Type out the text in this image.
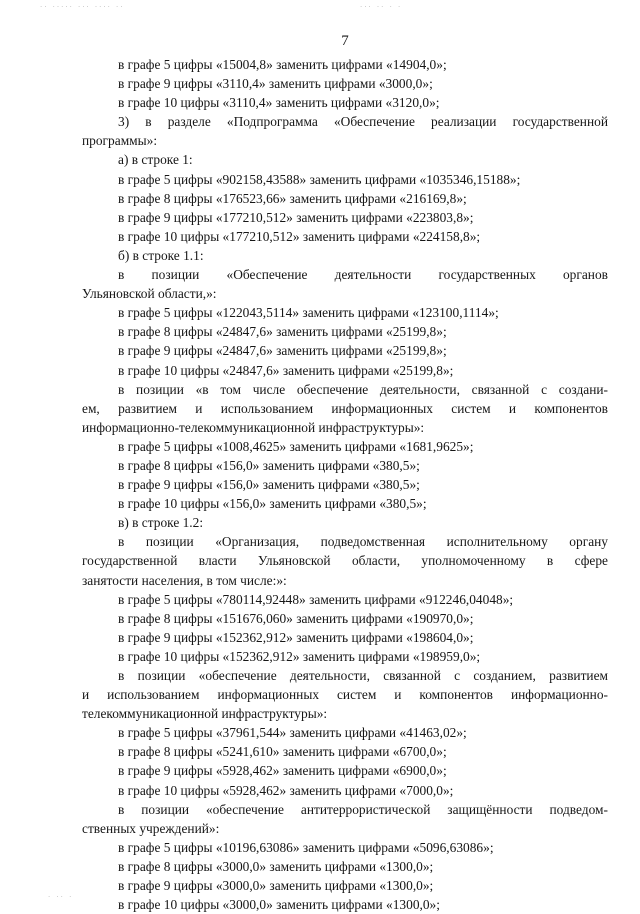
·· ····· ··· ···· ··	··· ·· · ·
· ·· ·
7
в графе 5 цифры «15004,8» заменить цифрами «14904,0»;
в графе 9 цифры «3110,4» заменить цифрами «3000,0»;
в графе 10 цифры «3110,4» заменить цифрами «3120,0»;
3) в разделе «Подпрограмма «Обеспечение реализации государственной
программы»:
а) в строке 1:
в графе 5 цифры «902158,43588» заменить цифрами «1035346,15188»;
в графе 8 цифры «176523,66» заменить цифрами «216169,8»;
в графе 9 цифры «177210,512» заменить цифрами «223803,8»;
в графе 10 цифры «177210,512» заменить цифрами «224158,8»;
б) в строке 1.1:
в позиции «Обеспечение деятельности государственных органов
Ульяновской области,»:
в графе 5 цифры «122043,5114» заменить цифрами «123100,1114»;
в графе 8 цифры «24847,6» заменить цифрами «25199,8»;
в графе 9 цифры «24847,6» заменить цифрами «25199,8»;
в графе 10 цифры «24847,6» заменить цифрами «25199,8»;
в позиции «в том числе обеспечение деятельности, связанной с создани-
ем, развитием и использованием информационных систем и компонентов
информационно-телекоммуникационной инфраструктуры»:
в графе 5 цифры «1008,4625» заменить цифрами «1681,9625»;
в графе 8 цифры «156,0» заменить цифрами «380,5»;
в графе 9 цифры «156,0» заменить цифрами «380,5»;
в графе 10 цифры «156,0» заменить цифрами «380,5»;
в) в строке 1.2:
в позиции «Организация, подведомственная исполнительному органу
государственной власти Ульяновской области, уполномоченному в сфере
занятости населения, в том числе:»:
в графе 5 цифры «780114,92448» заменить цифрами «912246,04048»;
в графе 8 цифры «151676,060» заменить цифрами «190970,0»;
в графе 9 цифры «152362,912» заменить цифрами «198604,0»;
в графе 10 цифры «152362,912» заменить цифрами «198959,0»;
в позиции «обеспечение деятельности, связанной с созданием, развитием
и использованием информационных систем и компонентов информационно-
телекоммуникационной инфраструктуры»:
в графе 5 цифры «37961,544» заменить цифрами «41463,02»;
в графе 8 цифры «5241,610» заменить цифрами «6700,0»;
в графе 9 цифры «5928,462» заменить цифрами «6900,0»;
в графе 10 цифры «5928,462» заменить цифрами «7000,0»;
в позиции «обеспечение антитеррористической защищённости подведом-
ственных учреждений»:
в графе 5 цифры «10196,63086» заменить цифрами «5096,63086»;
в графе 8 цифры «3000,0» заменить цифрами «1300,0»;
в графе 9 цифры «3000,0» заменить цифрами «1300,0»;
в графе 10 цифры «3000,0» заменить цифрами «1300,0»;
